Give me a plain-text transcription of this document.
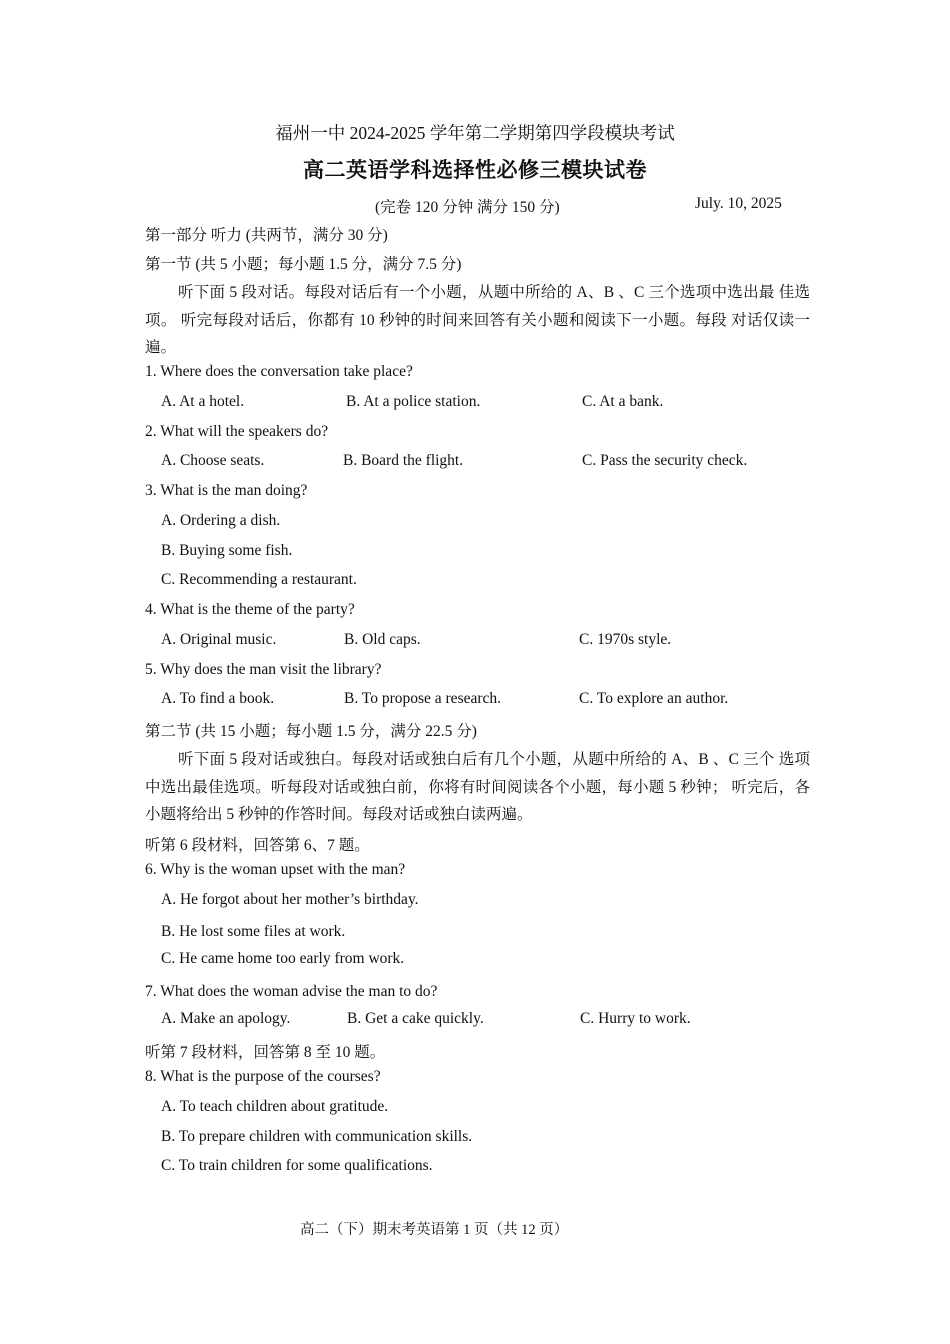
福州一中 2024-2025 学年第二学期第四学段模块考试
高二英语学科选择性必修三模块试卷
(完卷 120 分钟 满分 150 分)	July. 10, 2025
第一部分 听力 (共两节，满分 30 分)
第一节 (共 5 小题；每小题 1.5 分，满分 7.5 分)
听下面 5 段对话。每段对话后有一个小题，从题中所给的 A、B 、C 三个选项中选出最 佳选项。 听完每段对话后，你都有 10 秒钟的时间来回答有关小题和阅读下一小题。每段 对话仅读一遍。
1. Where does the conversation take place?
A. At a hotel.	B. At a police station.	C. At a bank.
2. What will the speakers do?
A. Choose seats.	B. Board the flight.	C. Pass the security check.
3. What is the man doing?
A. Ordering a dish.
B. Buying some fish.
C. Recommending a restaurant.
4. What is the theme of the party?
A. Original music.	B. Old caps.	C. 1970s style.
5. Why does the man visit the library?
A. To find a book.	B. To propose a research.	C. To explore an author.
第二节 (共 15 小题；每小题 1.5 分，满分 22.5 分)
听下面 5 段对话或独白。每段对话或独白后有几个小题，从题中所给的 A、B 、C 三个 选项中选出最佳选项。听每段对话或独白前，你将有时间阅读各个小题，每小题 5 秒钟； 听完后，各小题将给出 5 秒钟的作答时间。每段对话或独白读两遍。
听第 6 段材料，回答第 6、7 题。
6. Why is the woman upset with the man?
A. He forgot about her mother’s birthday.
B. He lost some files at work.
C. He came home too early from work.
7. What does the woman advise the man to do?
A. Make an apology.	B. Get a cake quickly.	C. Hurry to work.
听第 7 段材料，回答第 8 至 10 题。
8. What is the purpose of the courses?
A. To teach children about gratitude.
B. To prepare children with communication skills.
C. To train children for some qualifications.
高二（下）期末考英语第 1 页（共 12 页）
